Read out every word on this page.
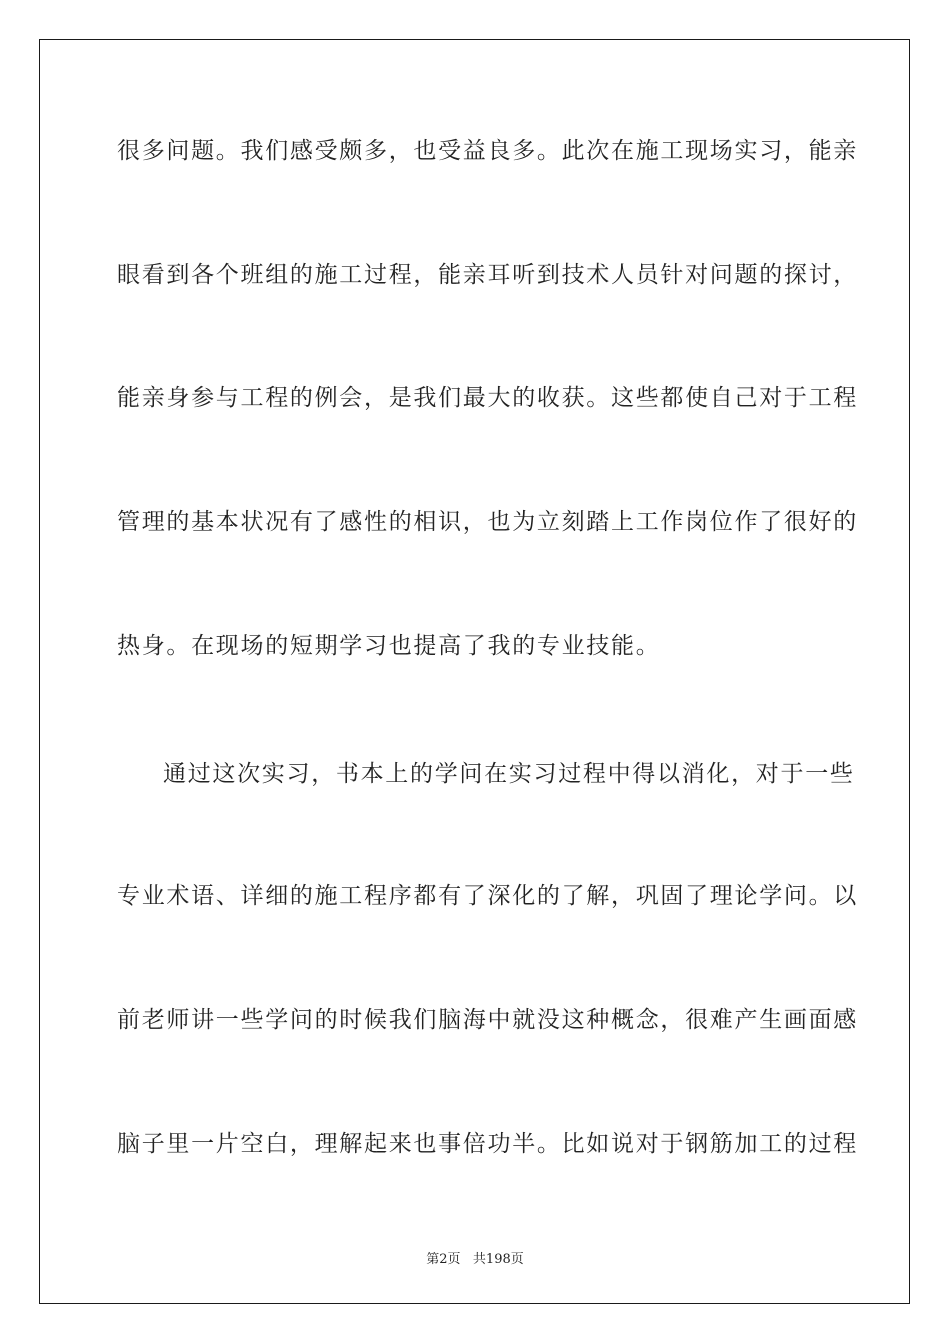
很多问题。我们感受颇多，也受益良多。此次在施工现场实习，能亲
眼看到各个班组的施工过程，能亲耳听到技术人员针对问题的探讨，
能亲身参与工程的例会，是我们最大的收获。这些都使自己对于工程
管理的基本状况有了感性的相识，也为立刻踏上工作岗位作了很好的
热身。在现场的短期学习也提高了我的专业技能。
通过这次实习，书本上的学问在实习过程中得以消化，对于一些
专业术语、详细的施工程序都有了深化的了解，巩固了理论学问。以
前老师讲一些学问的时候我们脑海中就没这种概念，很难产生画面感
脑子里一片空白，理解起来也事倍功半。比如说对于钢筋加工的过程
第2页 共198页
